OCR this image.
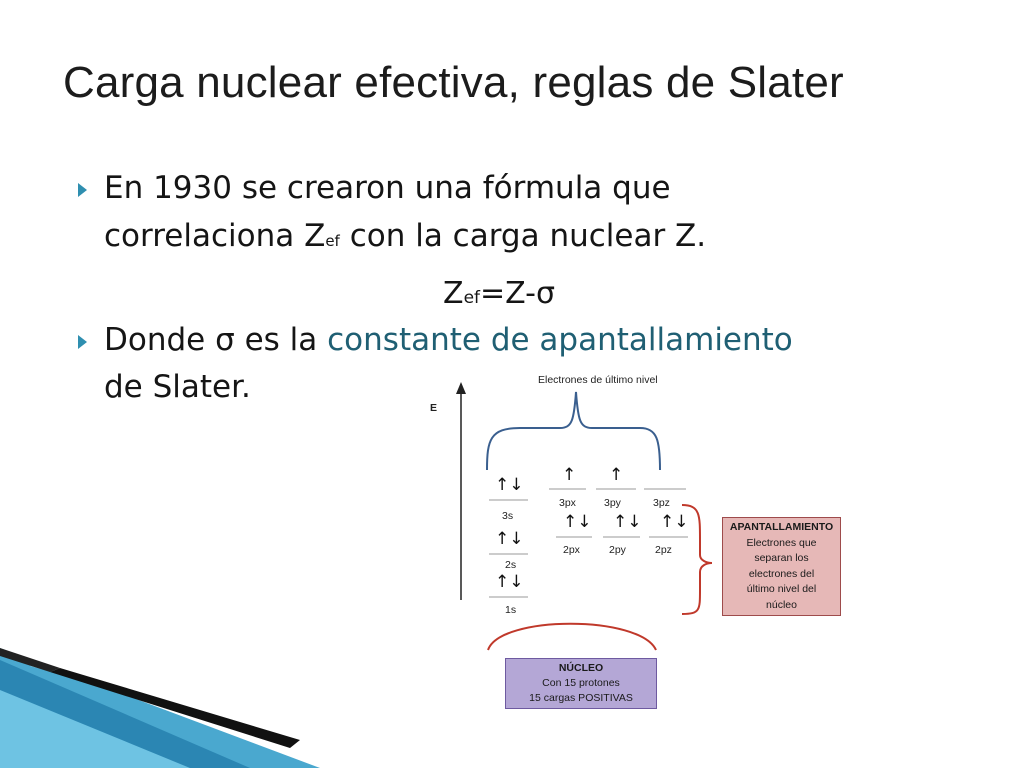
Carga nuclear efectiva, reglas de Slater
En 1930 se crearon una fórmula que
correlaciona Zef con la carga nuclear Z.
Zef=Z-σ
Donde σ es la constante de apantallamiento
de Slater.	Electrones de último nivel
E
↑↓
↑↓
↑↓
↑ ↑
↑↓ ↑↓ ↑↓
3s
2s
1s
3px	3py	3pz
2px	2py	2pz
APANTALLAMIENTO
Electrones que
separan los
electrones del
último nivel del
núcleo
NÚCLEO
Con 15 protones
15 cargas POSITIVAS
